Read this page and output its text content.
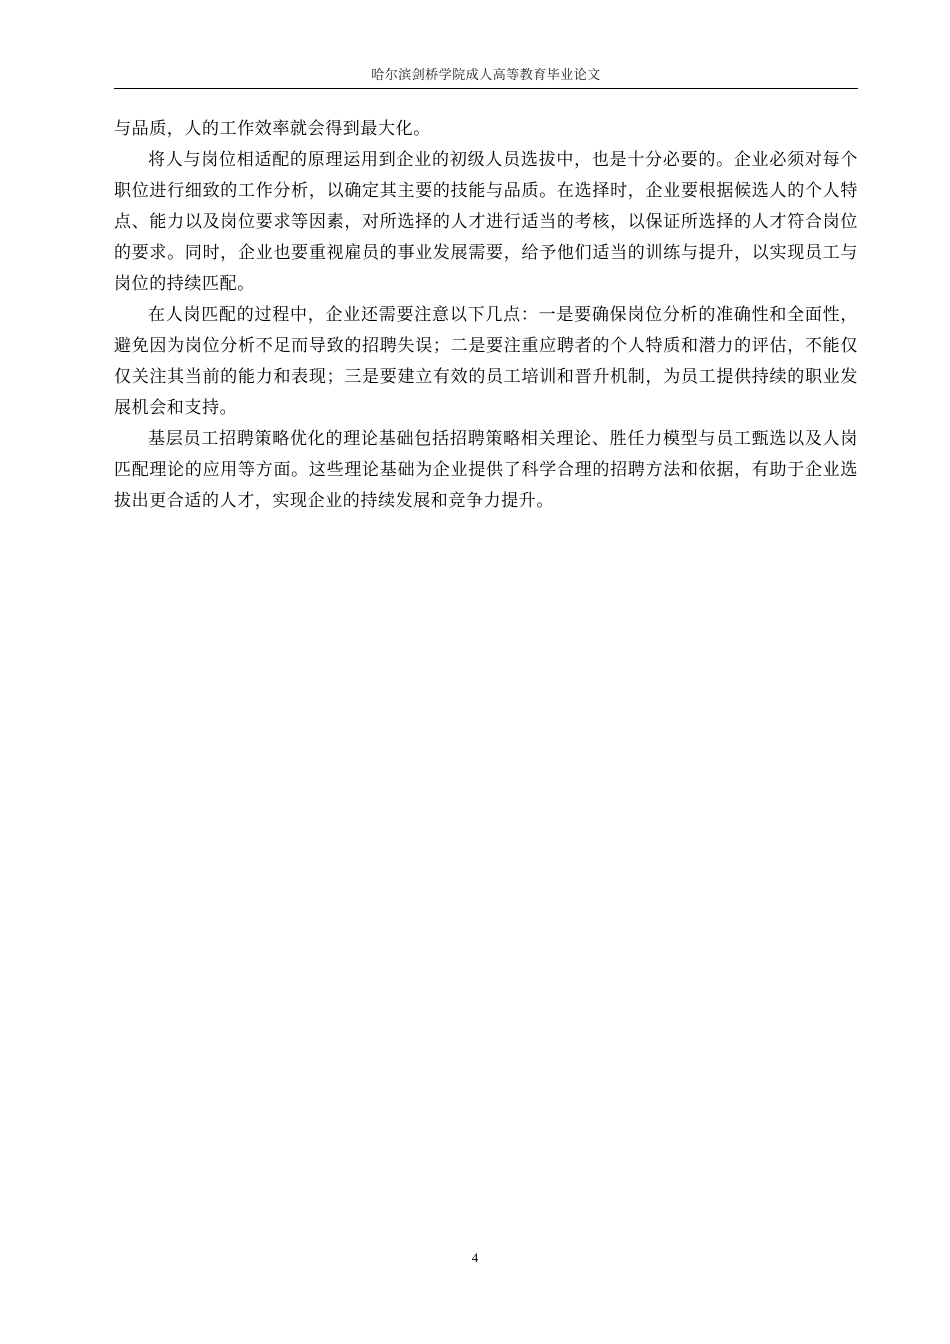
哈尔滨剑桥学院成人高等教育毕业论文

与品质，人的工作效率就会得到最大化。

将人与岗位相适配的原理运用到企业的初级人员选拔中，也是十分必要的。企业必须对每个职位进行细致的工作分析，以确定其主要的技能与品质。在选择时，企业要根据候选人的个人特点、能力以及岗位要求等因素，对所选择的人才进行适当的考核，以保证所选择的人才符合岗位的要求。同时，企业也要重视雇员的事业发展需要，给予他们适当的训练与提升，以实现员工与岗位的持续匹配。

在人岗匹配的过程中，企业还需要注意以下几点：一是要确保岗位分析的准确性和全面性，避免因为岗位分析不足而导致的招聘失误；二是要注重应聘者的个人特质和潜力的评估，不能仅仅关注其当前的能力和表现；三是要建立有效的员工培训和晋升机制，为员工提供持续的职业发展机会和支持。

基层员工招聘策略优化的理论基础包括招聘策略相关理论、胜任力模型与员工甄选以及人岗匹配理论的应用等方面。这些理论基础为企业提供了科学合理的招聘方法和依据，有助于企业选拔出更合适的人才，实现企业的持续发展和竞争力提升。

4
